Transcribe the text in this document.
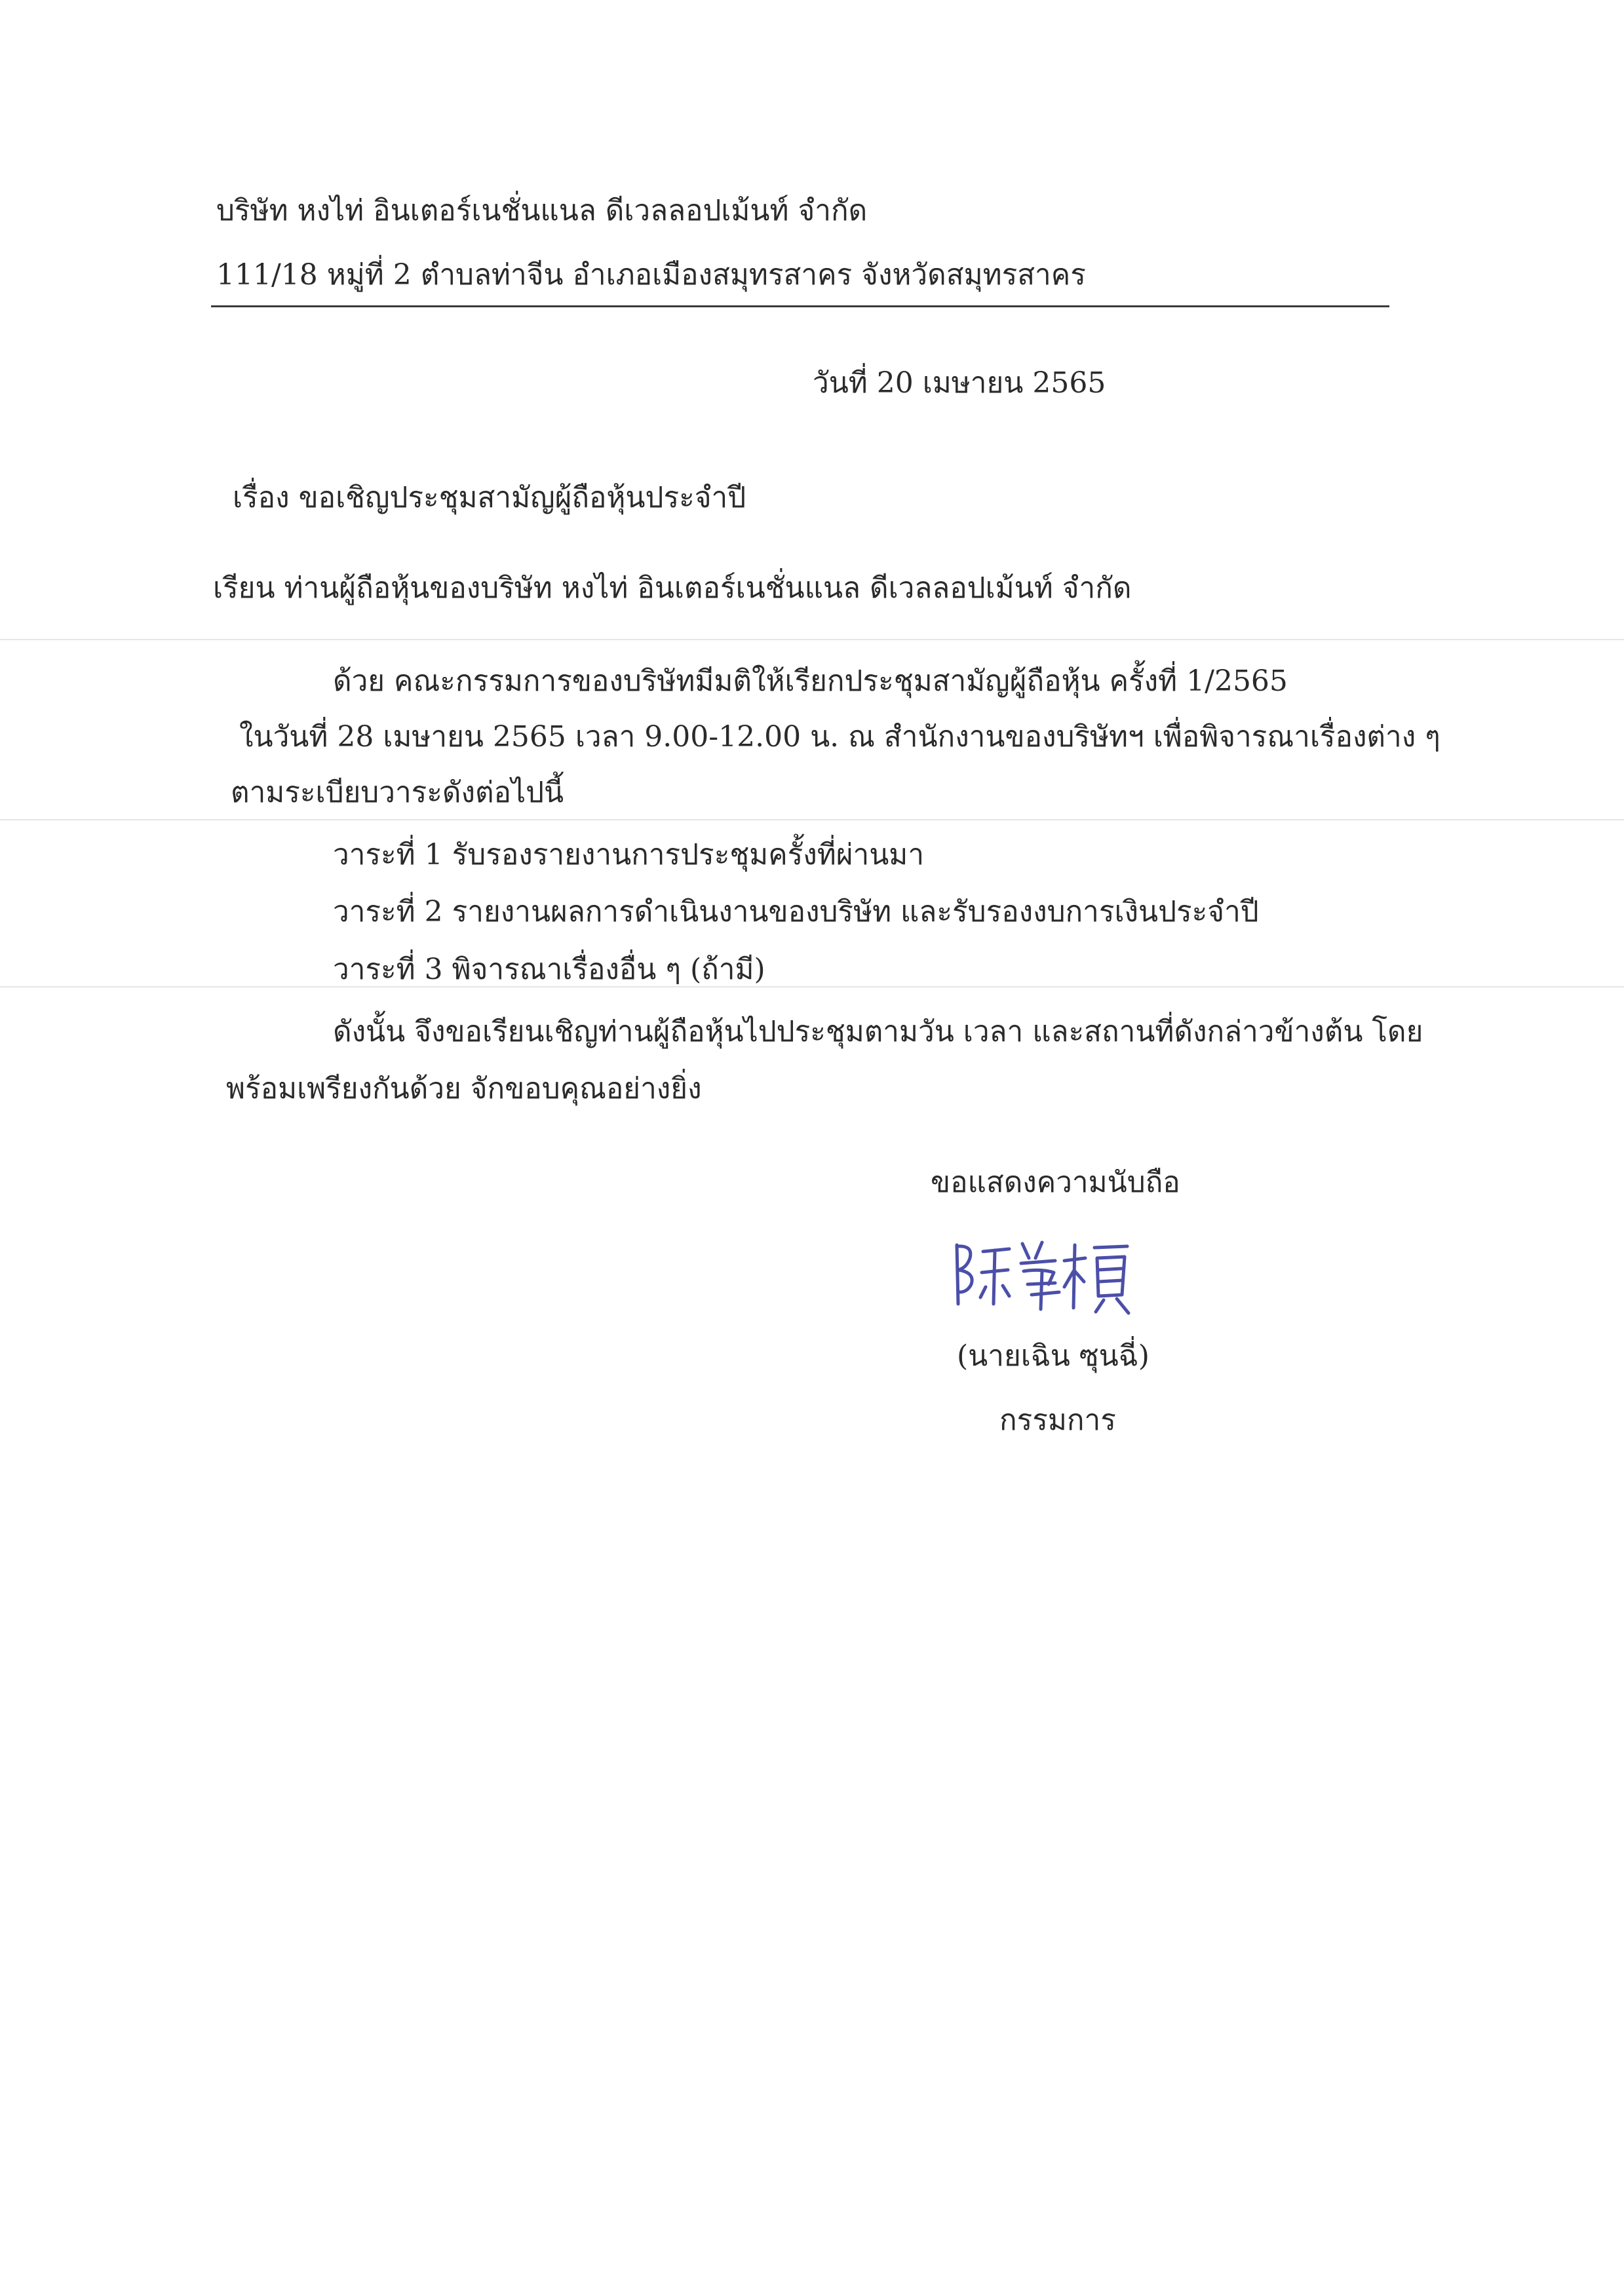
บริษัท หงไท่ อินเตอร์เนชั่นแนล ดีเวลลอปเม้นท์ จำกัด
111/18 หมู่ที่ 2 ตำบลท่าจีน อำเภอเมืองสมุทรสาคร จังหวัดสมุทรสาคร
วันที่ 20 เมษายน 2565
เรื่อง ขอเชิญประชุมสามัญผู้ถือหุ้นประจำปี
เรียน ท่านผู้ถือหุ้นของบริษัท หงไท่ อินเตอร์เนชั่นแนล ดีเวลลอปเม้นท์ จำกัด
ด้วย คณะกรรมการของบริษัทมีมติให้เรียกประชุมสามัญผู้ถือหุ้น ครั้งที่ 1/2565
ในวันที่ 28 เมษายน 2565 เวลา 9.00-12.00 น. ณ สำนักงานของบริษัทฯ เพื่อพิจารณาเรื่องต่าง ๆ
ตามระเบียบวาระดังต่อไปนี้
วาระที่ 1 รับรองรายงานการประชุมครั้งที่ผ่านมา
วาระที่ 2 รายงานผลการดำเนินงานของบริษัท และรับรองงบการเงินประจำปี
วาระที่ 3 พิจารณาเรื่องอื่น ๆ (ถ้ามี)
ดังนั้น จึงขอเรียนเชิญท่านผู้ถือหุ้นไปประชุมตามวัน เวลา และสถานที่ดังกล่าวข้างต้น โดย
พร้อมเพรียงกันด้วย จักขอบคุณอย่างยิ่ง
ขอแสดงความนับถือ
(นายเฉิน ซุนฉี่)
กรรมการ
